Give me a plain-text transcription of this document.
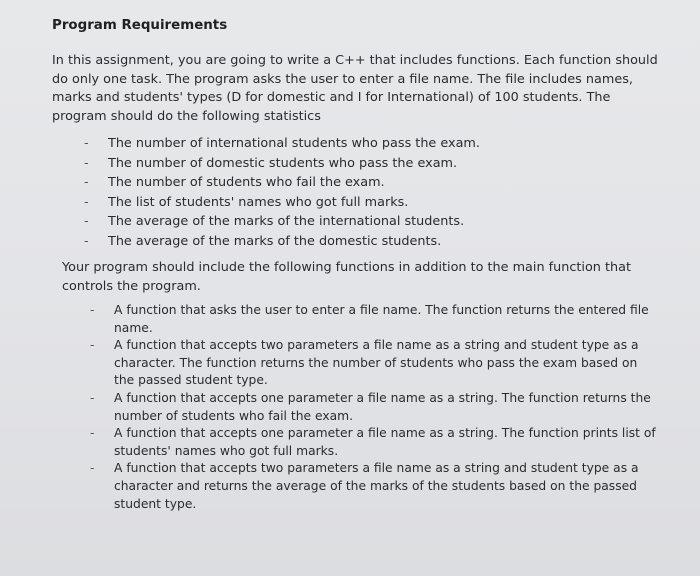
Program Requirements
In this assignment, you are going to write a C++ that includes functions. Each function should do only one task. The program asks the user to enter a file name. The file includes names, marks and students' types (D for domestic and I for International) of 100 students. The program should do the following statistics
- The number of international students who pass the exam.
- The number of domestic students who pass the exam.
- The number of students who fail the exam.
- The list of students' names who got full marks.
- The average of the marks of the international students.
- The average of the marks of the domestic students.
Your program should include the following functions in addition to the main function that controls the program.
- A function that asks the user to enter a file name. The function returns the entered file name.
- A function that accepts two parameters a file name as a string and student type as a character. The function returns the number of students who pass the exam based on the passed student type.
- A function that accepts one parameter a file name as a string. The function returns the number of students who fail the exam.
- A function that accepts one parameter a file name as a string. The function prints list of students' names who got full marks.
- A function that accepts two parameters a file name as a string and student type as a character and returns the average of the marks of the students based on the passed student type.
